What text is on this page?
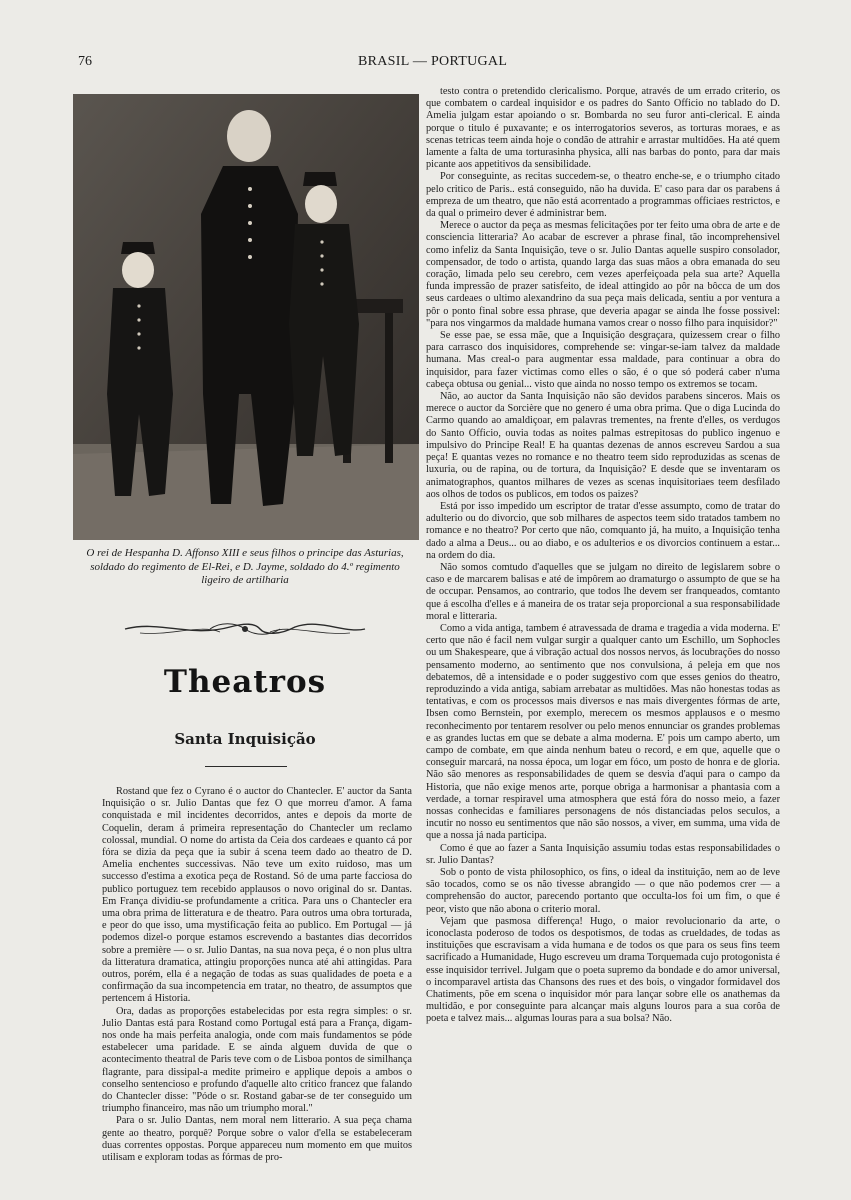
76	BRASIL — PORTUGAL
O rei de Hespanha D. Affonso XIII e seus filhos o principe das Asturias, soldado do regimento de El-Rei, e D. Jayme, soldado do 4.º regimento ligeiro de artilharia
Theatros
Santa Inquisição

Rostand que fez o Cyrano é o auctor do Chantecler. E' auctor da Santa Inquisição o sr. Julio Dantas que fez O que morreu d'amor. A fama conquistada e mil incidentes decorridos, antes e depois da morte de Coquelin, deram á primeira representação do Chantecler um reclamo colossal, mundial. O nome do artista da Ceia dos cardeaes e quanto cá por fóra se dizia da peça que ia subir á scena teem dado ao theatro de D. Amelia enchentes successivas. Não teve um exito ruidoso, mas um successo d'estima a exotica peça de Rostand. Só de uma parte facciosa do publico portuguez tem recebido applausos o novo original do sr. Dantas. Em França dividiu-se profundamente a critica. Para uns o Chantecler era uma obra prima de litteratura e de theatro. Para outros uma obra torturada, e peor do que isso, uma mystificação feita ao publico. Em Portugal — já podemos dizel-o porque estamos escrevendo a bastantes dias decorridos sobre a première — o sr. Julio Dantas, na sua nova peça, é o non plus ultra da litteratura dramatica, attingiu proporções nunca até ahi attingidas. Para outros, porém, ella é a negação de todas as suas qualidades de poeta e a confirmação da sua incompetencia em tratar, no theatro, de assumptos que pertencem á Historia.

Ora, dadas as proporções estabelecidas por esta regra simples: o sr. Julio Dantas está para Rostand como Portugal está para a França, digam-nos onde ha mais perfeita analogia, onde com mais fundamentos se póde estabelecer uma paridade. E se ainda alguem duvida de que o acontecimento theatral de Paris teve com o de Lisboa pontos de similhança flagrante, para dissipal-a medite primeiro e applique depois a ambos o conselho sentencioso e profundo d'aquelle alto critico francez que falando do Chantecler disse: "Póde o sr. Rostand gabar-se de ter conseguido um triumpho financeiro, mas não um triumpho moral."

Para o sr. Julio Dantas, nem moral nem litterario. A sua peça chama gente ao theatro, porquê? Porque sobre o valor d'ella se estabeleceram duas correntes oppostas. Porque appareceu num momento em que muitos utilisam e exploram todas as fórmas de pro-

testo contra o pretendido clericalismo. Porque, através de um errado criterio, os que combatem o cardeal inquisidor e os padres do Santo Officio no tablado do D. Amelia julgam estar apoiando o sr. Bombarda no seu furor anti-clerical. E ainda porque o titulo é puxavante; e os interrogatorios severos, as torturas moraes, e as scenas tetricas teem ainda hoje o condão de attrahir e arrastar multidões. Ha até quem lamente a falta de uma torturasinha physica, alli nas barbas do ponto, para dar mais picante aos appetitivos da sensibilidade.

Por conseguinte, as recitas succedem-se, o theatro enche-se, e o triumpho citado pelo critico de Paris.. está conseguido, não ha duvida. E' caso para dar os parabens á empreza de um theatro, que não está acorrentado a programmas officiaes restrictos, e da qual o primeiro dever é administrar bem.

Merece o auctor da peça as mesmas felicitações por ter feito uma obra de arte e de consciencia litteraria? Ao acabar de escrever a phrase final, tão incomprehensivel como infeliz da Santa Inquisição, teve o sr. Julio Dantas aquelle suspiro consolador, compensador, de todo o artista, quando larga das suas mãos a obra emanada do seu coração, limada pelo seu cerebro, cem vezes aperfeiçoada pela sua arte? Aquella funda impressão de prazer satisfeito, de ideal attingido ao pôr na bôcca de um dos seus cardeaes o ultimo alexandrino da sua peça mais delicada, sentiu a por ventura a pôr o ponto final sobre essa phrase, que deveria apagar se ainda lhe fosse possivel: "para nos vingarmos da maldade humana vamos crear o nosso filho para inquisidor?"

Se esse pae, se essa mãe, que a Inquisição desgraçara, quizessem crear o filho para carrasco dos inquisidores, comprehende se: vingar-se-iam talvez da maldade humana. Mas creal-o para augmentar essa maldade, para continuar a obra do inquisidor, para fazer victimas como elles o são, é o que só poderá caber n'uma cabeça obtusa ou genial... visto que ainda no nosso tempo os extremos se tocam.

Não, ao auctor da Santa Inquisição não são devidos parabens sinceros. Mais os merece o auctor da Sorcière que no genero é uma obra prima. Que o diga Lucinda do Carmo quando ao amaldiçoar, em palavras trementes, na frente d'elles, os verdugos do Santo Officio, ouvia todas as noites palmas estrepitosas do publico ingenuo e impulsivo do Principe Real! E ha quantas dezenas de annos escreveu Sardou a sua peça! E quantas vezes no romance e no theatro teem sido reproduzidas as scenas de luxuria, ou de rapina, ou de tortura, da Inquisição? E desde que se inventaram os animatographos, quantos milhares de vezes as scenas inquisitoriaes teem desfilado aos olhos de todos os publicos, em todos os paizes?

Está por isso impedido um escriptor de tratar d'esse assumpto, como de tratar do adulterio ou do divorcio, que sob milhares de aspectos teem sido tratados tambem no romance e no theatro? Por certo que não, comquanto já, ha muito, a Inquisição tenha dado a alma a Deus... ou ao diabo, e os adulterios e os divorcios continuem a estar... na ordem do dia.

Não somos comtudo d'aquelles que se julgam no direito de legislarem sobre o caso e de marcarem balisas e até de impôrem ao dramaturgo o assumpto de que se ha de occupar. Pensamos, ao contrario, que todos lhe devem ser franqueados, comtanto que á escolha d'elles e á maneira de os tratar seja proporcional a sua responsabilidade moral e litteraria.

Como a vida antiga, tambem é atravessada de drama e tragedia a vida moderna. E' certo que não é facil nem vulgar surgir a qualquer canto um Eschillo, um Sophocles ou um Shakespeare, que á vibração actual dos nossos nervos, ás locubrações do nosso pensamento moderno, ao sentimento que nos convulsiona, á peleja em que nos debatemos, dê a intensidade e o poder suggestivo com que esses genios do theatro, reproduzindo a vida antiga, sabiam arrebatar as multidões. Mas não honestas todas as tentativas, e com os processos mais diversos e nas mais divergentes fórmas de arte, Ibsen como Bernstein, por exemplo, merecem os mesmos applausos e o mesmo reconhecimento por tentarem resolver ou pelo menos ennunciar os grandes problemas e as grandes luctas em que se debate a alma moderna. E' pois um campo aberto, um campo de combate, em que ainda nenhum bateu o record, e em que, aquelle que o conseguir marcará, na nossa época, um logar em fóco, um posto de honra e de gloria. Não são menores as responsabilidades de quem se desvia d'aqui para o campo da Historia, que não exige menos arte, porque obriga a harmonisar a phantasia com a verdade, a tornar respiravel uma atmosphera que está fóra do nosso meio, a fazer nossas conhecidas e familiares personagens de nós distanciadas pelos seculos, a incutir no nosso eu sentimentos que não são nossos, a viver, em summa, uma vida de que a nossa já nada participa.

Como é que ao fazer a Santa Inquisição assumiu todas estas responsabilidades o sr. Julio Dantas?

Sob o ponto de vista philosophico, os fins, o ideal da instituição, nem ao de leve são tocados, como se os não tivesse abrangido — o que não podemos crer — a comprehensão do auctor, parecendo portanto que occulta-los foi um fim, o que é peor, visto que não abona o criterio moral.

Vejam que pasmosa differença! Hugo, o maior revolucionario da arte, o iconoclasta poderoso de todos os despotismos, de todas as crueldades, de todas as instituições que escravisam a vida humana e de todos os que para os seus fins teem sacrificado a Humanidade, Hugo escreveu um drama Torquemada cujo protogonista é esse inquisidor terrivel. Julgam que o poeta supremo da bondade e do amor universal, o incomparavel artista das Chansons des rues et des bois, o vingador formidavel dos Chatiments, põe em scena o inquisidor mór para lançar sobre elle os anathemas da multidão, e por conseguinte para alcançar mais alguns louros para a sua corôa de poeta e talvez mais... algumas louras para a sua bolsa? Não.
